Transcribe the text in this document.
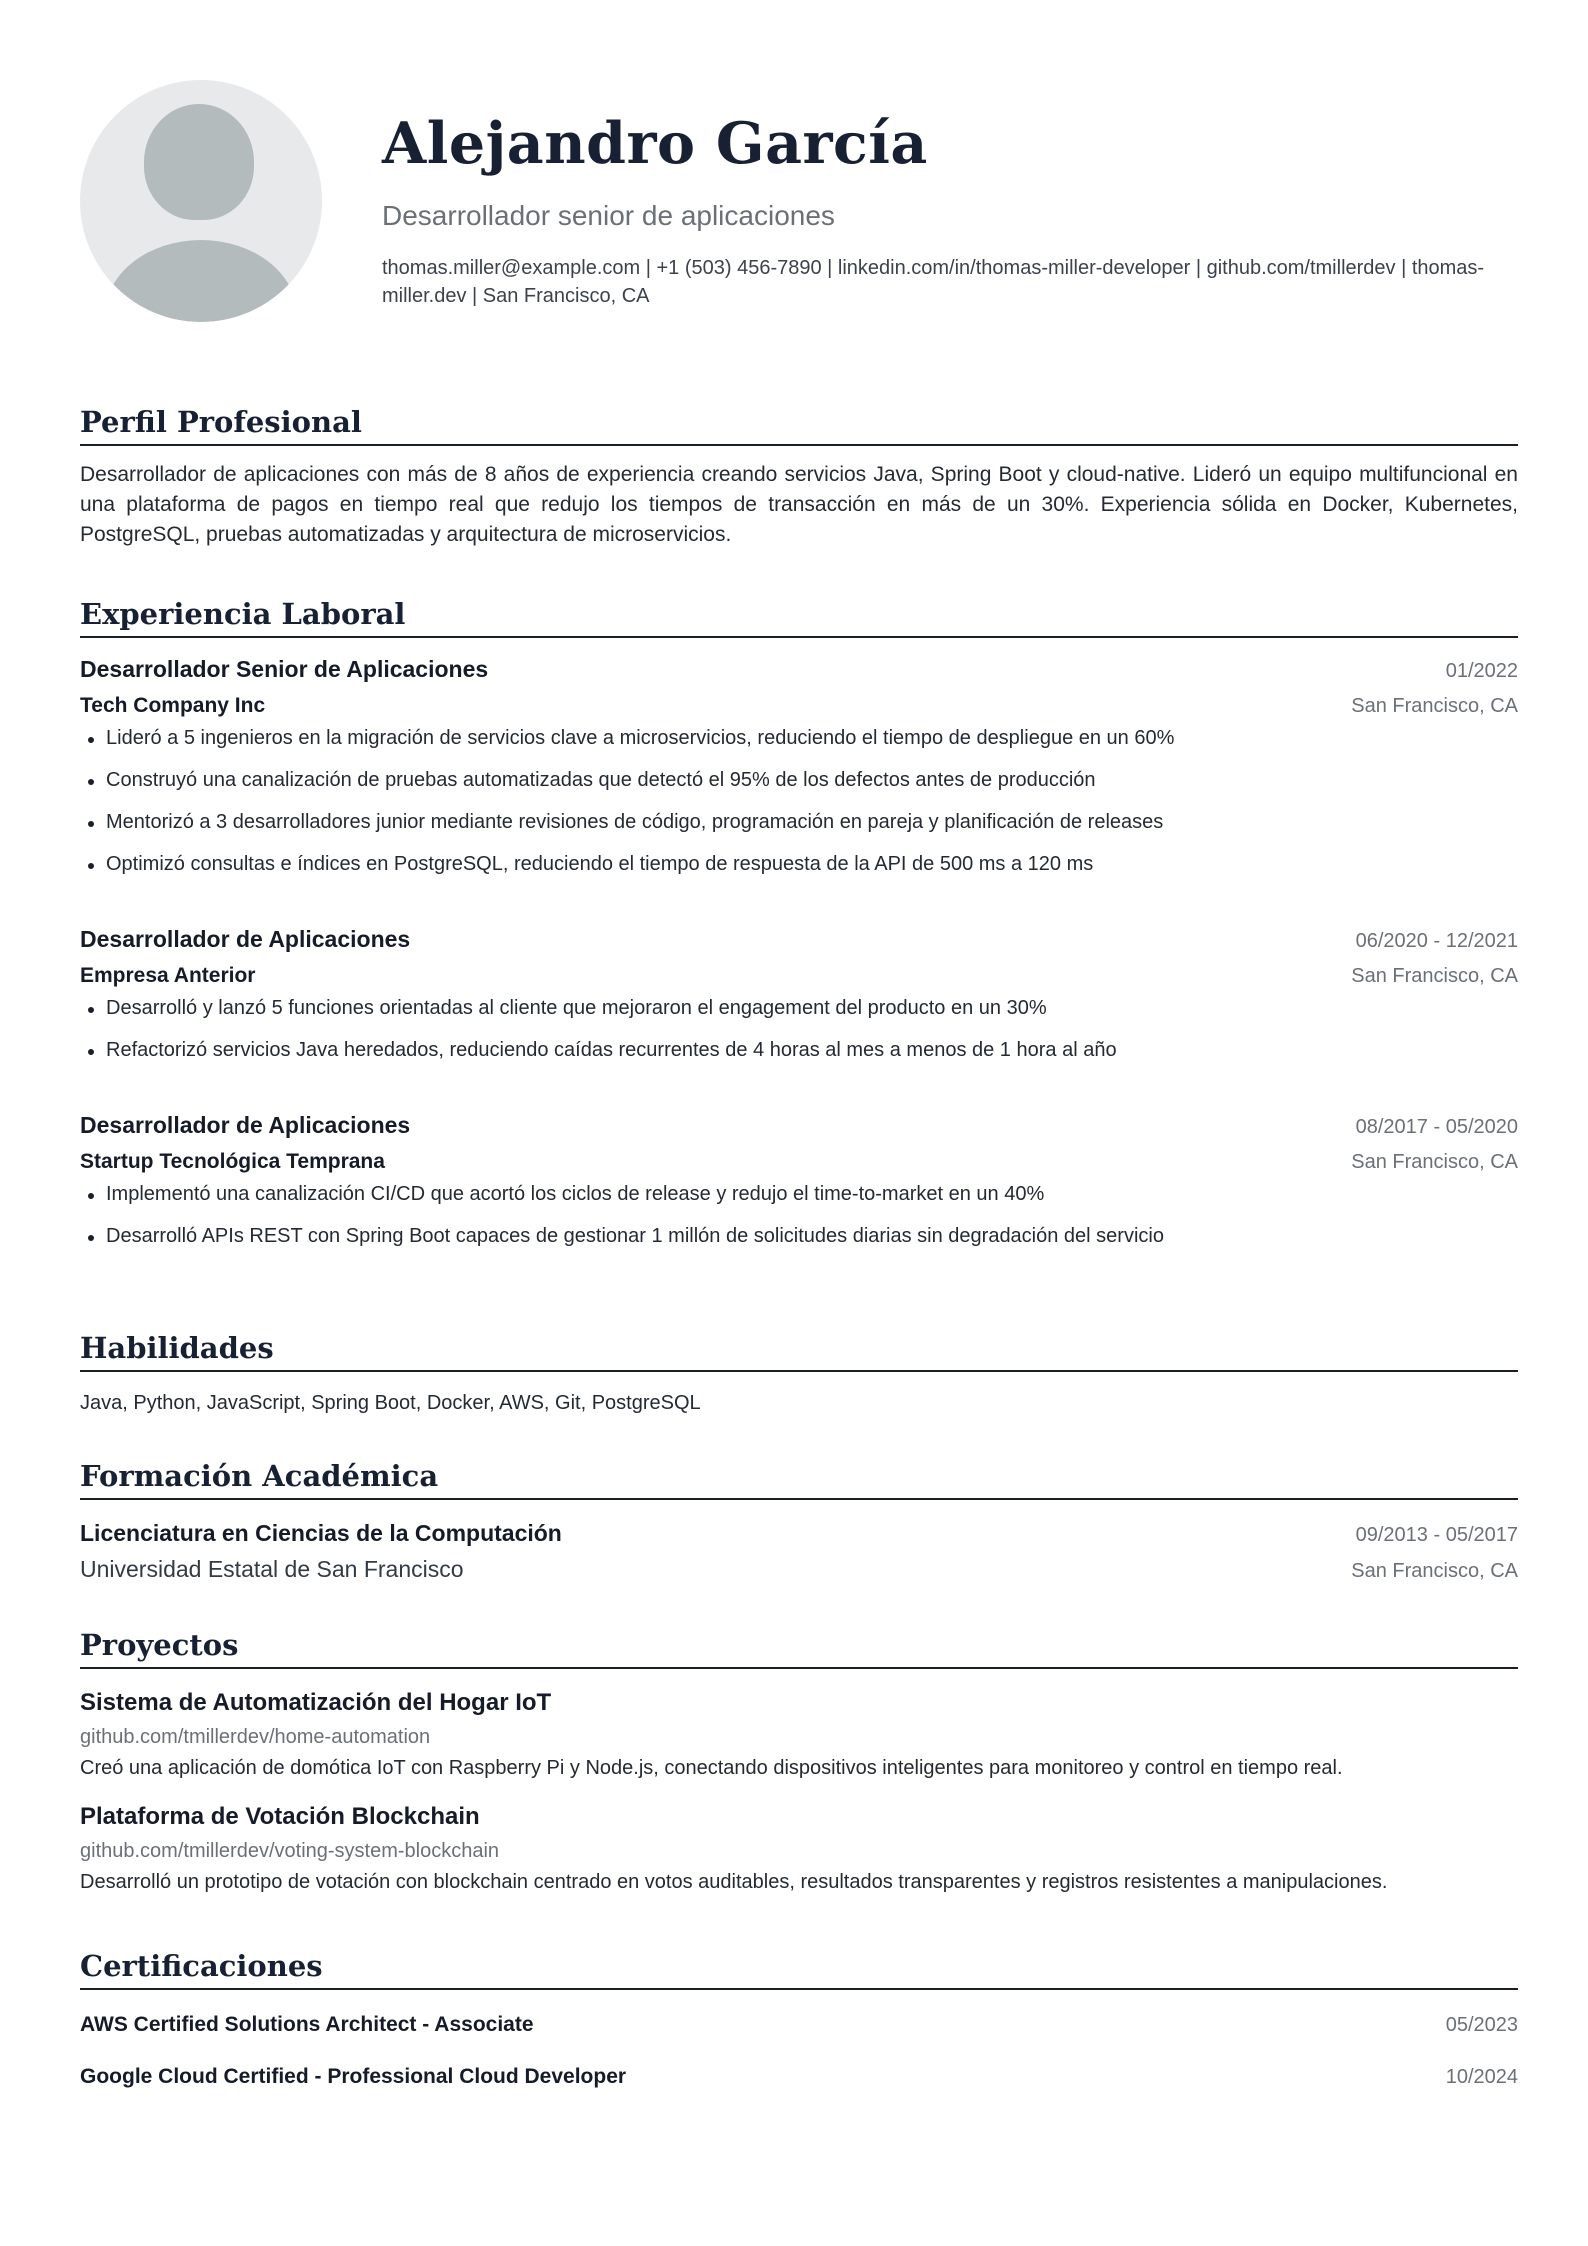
Alejandro García
Desarrollador senior de aplicaciones
thomas.miller@example.com | +1 (503) 456-7890 | linkedin.com/in/thomas-miller-developer | github.com/tmillerdev | thomas-miller.dev | San Francisco, CA
Perfil Profesional
Desarrollador de aplicaciones con más de 8 años de experiencia creando servicios Java, Spring Boot y cloud-native. Lideró un equipo multifuncional en una plataforma de pagos en tiempo real que redujo los tiempos de transacción en más de un 30%. Experiencia sólida en Docker, Kubernetes, PostgreSQL, pruebas automatizadas y arquitectura de microservicios.
Experiencia Laboral
Desarrollador Senior de Aplicaciones	01/2022
Tech Company Inc	San Francisco, CA
Lideró a 5 ingenieros en la migración de servicios clave a microservicios, reduciendo el tiempo de despliegue en un 60%
Construyó una canalización de pruebas automatizadas que detectó el 95% de los defectos antes de producción
Mentorizó a 3 desarrolladores junior mediante revisiones de código, programación en pareja y planificación de releases
Optimizó consultas e índices en PostgreSQL, reduciendo el tiempo de respuesta de la API de 500 ms a 120 ms
Desarrollador de Aplicaciones	06/2020 - 12/2021
Empresa Anterior	San Francisco, CA
Desarrolló y lanzó 5 funciones orientadas al cliente que mejoraron el engagement del producto en un 30%
Refactorizó servicios Java heredados, reduciendo caídas recurrentes de 4 horas al mes a menos de 1 hora al año
Desarrollador de Aplicaciones	08/2017 - 05/2020
Startup Tecnológica Temprana	San Francisco, CA
Implementó una canalización CI/CD que acortó los ciclos de release y redujo el time-to-market en un 40%
Desarrolló APIs REST con Spring Boot capaces de gestionar 1 millón de solicitudes diarias sin degradación del servicio
Habilidades
Java, Python, JavaScript, Spring Boot, Docker, AWS, Git, PostgreSQL
Formación Académica
Licenciatura en Ciencias de la Computación	09/2013 - 05/2017
Universidad Estatal de San Francisco	San Francisco, CA
Proyectos
Sistema de Automatización del Hogar IoT
github.com/tmillerdev/home-automation
Creó una aplicación de domótica IoT con Raspberry Pi y Node.js, conectando dispositivos inteligentes para monitoreo y control en tiempo real.
Plataforma de Votación Blockchain
github.com/tmillerdev/voting-system-blockchain
Desarrolló un prototipo de votación con blockchain centrado en votos auditables, resultados transparentes y registros resistentes a manipulaciones.
Certificaciones
AWS Certified Solutions Architect - Associate	05/2023
Google Cloud Certified - Professional Cloud Developer	10/2024
